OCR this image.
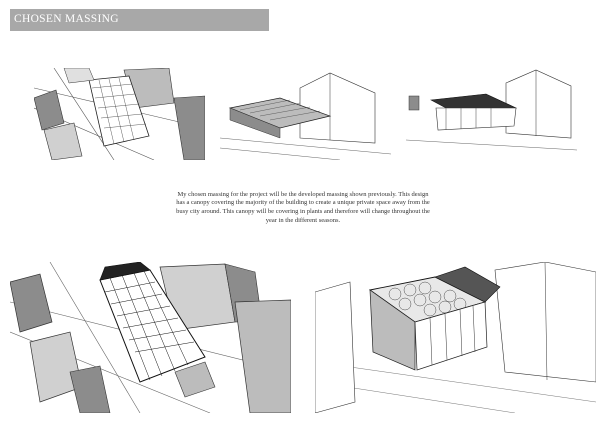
CHOSEN MASSING

My chosen massing for the project will be the developed massing shown previously. This design has a canopy covering the majority of the building to create a unique private space away from the busy city around. This canopy will be covering in plants and therefore will change throughout the year in the different seasons.
